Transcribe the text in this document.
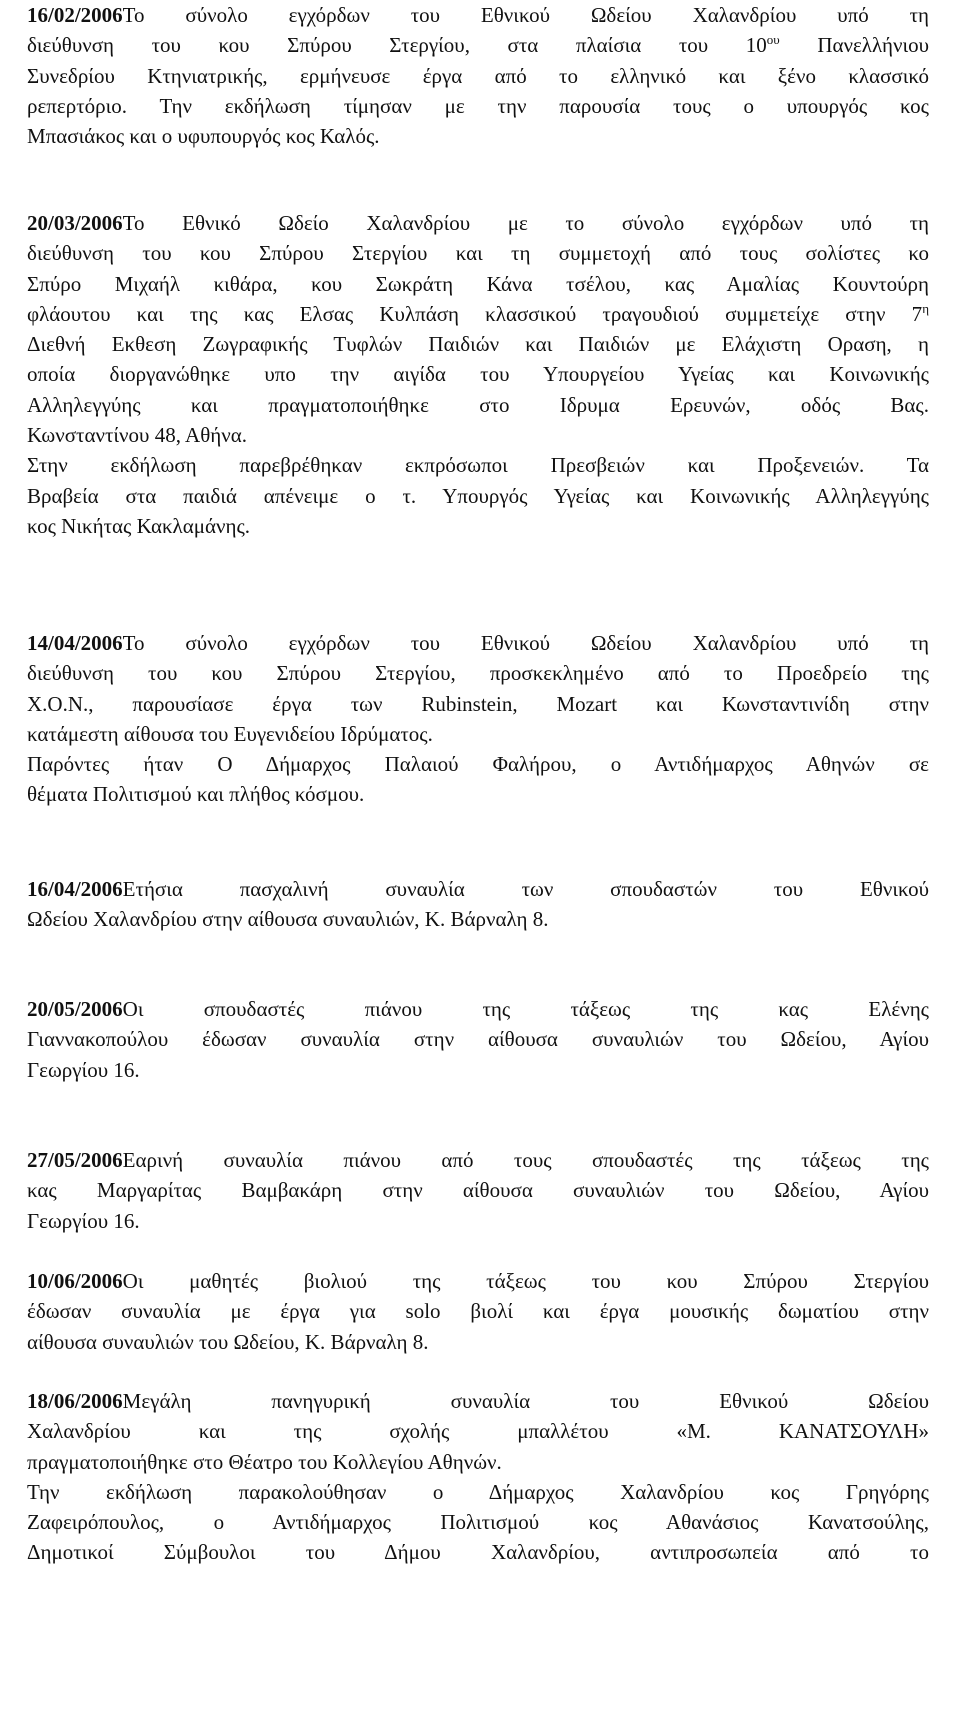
16/02/2006Το σύνολο εγχόρδων του Εθνικού Ωδείου Χαλανδρίου υπό τη
διεύθυνση του κου Σπύρου Στεργίου, στα πλαίσια του $10^{o\upsilon}$ Πανελλήνιου
Συνεδρίου Κτηνιατρικής, ερμήνευσε έργα από το ελληνικό και ξένο κλασσικό
ρεπερτόριο. Την εκδήλωση τίμησαν με την παρουσία τους ο υπουργός κος
Μπασιάκος και ο υφυπουργός κος Καλός.
20/03/2006Το Εθνικό Ωδείο Χαλανδρίου με το σύνολο εγχόρδων υπό τη
διεύθυνση του κου Σπύρου Στεργίου και τη συμμετοχή από τους σολίστες κο
Σπύρο Μιχαήλ κιθάρα, κου Σωκράτη Κάνα τσέλου, κας Αμαλίας Κουντούρη
φλάουτου και της κας Ελσας Κυλπάση κλασσικού τραγουδιού συμμετείχε στην $7^\eta$
Διεθνή Εκθεση Ζωγραφικής Τυφλών Παιδιών και Παιδιών με Ελάχιστη Οραση, η
οποία διοργανώθηκε υπο την αιγίδα του Υπουργείου Υγείας και Κοινωνικής
Αλληλεγγύης και πραγματοποιήθηκε στο Ιδρυμα Ερευνών, οδός Βας.
Κωνσταντίνου 48, Αθήνα.
Στην εκδήλωση παρεβρέθηκαν εκπρόσωποι Πρεσβειών και Προξενειών. Τα
Βραβεία στα παιδιά απένειμε ο τ. Υπουργός Υγείας και Κοινωνικής Αλληλεγγύης
κος Νικήτας Κακλαμάνης.
14/04/2006Το σύνολο εγχόρδων του Εθνικού Ωδείου Χαλανδρίου υπό τη
διεύθυνση του κου Σπύρου Στεργίου, προσκεκλημένο από το Προεδρείο της
Χ.Ο.Ν., παρουσίασε έργα των Rubinstein, Mozart και Κωνσταντινίδη στην
κατάμεστη αίθουσα του Ευγενιδείου Ιδρύματος.
Παρόντες ήταν Ο Δήμαρχος Παλαιού Φαλήρου, ο Αντιδήμαρχος Αθηνών σε
θέματα Πολιτισμού και πλήθος κόσμου.
16/04/2006Ετήσια πασχαλινή συναυλία των σπουδαστών του Εθνικού
Ωδείου Χαλανδρίου στην αίθουσα συναυλιών, Κ. Βάρναλη 8.
20/05/2006Οι σπουδαστές πιάνου της τάξεως της κας Ελένης
Γιαννακοπούλου έδωσαν συναυλία στην αίθουσα συναυλιών του Ωδείου, Αγίου
Γεωργίου 16.
27/05/2006Εαρινή συναυλία πιάνου από τους σπουδαστές της τάξεως της
κας Μαργαρίτας Βαμβακάρη στην αίθουσα συναυλιών του Ωδείου, Αγίου
Γεωργίου 16.
10/06/2006Οι μαθητές βιολιού της τάξεως του κου Σπύρου Στεργίου
έδωσαν συναυλία με έργα για solo βιολί και έργα μουσικής δωματίου στην
αίθουσα συναυλιών του Ωδείου, Κ. Βάρναλη 8.
18/06/2006Μεγάλη πανηγυρική συναυλία του Εθνικού Ωδείου
Χαλανδρίου και της σχολής μπαλλέτου «Μ. ΚΑΝΑΤΣΟΥΛΗ»
πραγματοποιήθηκε στο Θέατρο του Κολλεγίου Αθηνών.
Την εκδήλωση παρακολούθησαν ο Δήμαρχος Χαλανδρίου κος Γρηγόρης
Ζαφειρόπουλος, ο Αντιδήμαρχος Πολιτισμού κος Αθανάσιος Κανατσούλης,
Δημοτικοί Σύμβουλοι του Δήμου Χαλανδρίου, αντιπροσωπεία από το
